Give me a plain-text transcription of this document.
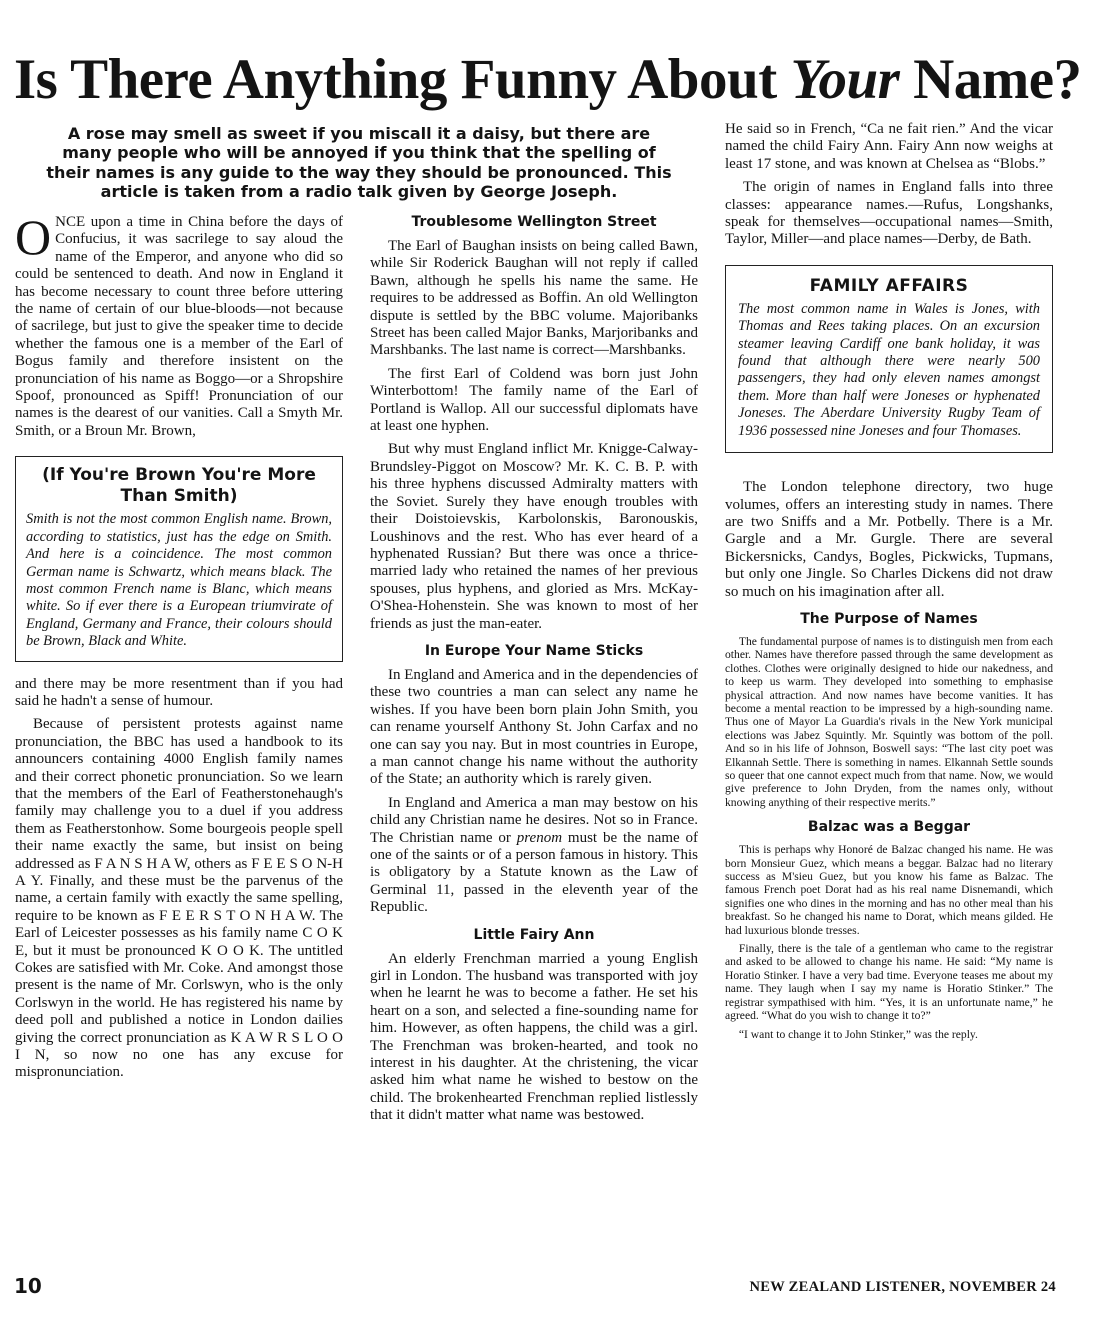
Is There Anything Funny About Your Name?

A rose may smell as sweet if you miscall it a daisy, but there are many people who will be annoyed if you think that the spelling of their names is any guide to the way they should be pronounced. This article is taken from a radio talk given by George Joseph.

ONCE upon a time in China before the days of Confucius, it was sacrilege to say aloud the name of the Emperor, and anyone who did so could be sentenced to death. And now in England it has become necessary to count three before uttering the name of certain of our blue-bloods—not because of sacrilege, but just to give the speaker time to decide whether the famous one is a member of the Earl of Bogus family and therefore insistent on the pronunciation of his name as Boggo—or a Shropshire Spoof, pronounced as Spiff! Pronunciation of our names is the dearest of our vanities. Call a Smyth Mr. Smith, or a Broun Mr. Brown,

(If You're Brown You're More Than Smith)

Smith is not the most common English name. Brown, according to statistics, just has the edge on Smith. And here is a coincidence. The most common German name is Schwartz, which means black. The most common French name is Blanc, which means white. So if ever there is a European triumvirate of England, Germany and France, their colours should be Brown, Black and White.

and there may be more resentment than if you had said he hadn't a sense of humour.

Because of persistent protests against name pronunciation, the BBC has used a handbook to its announcers containing 4000 English family names and their correct phonetic pronunciation. So we learn that the members of the Earl of Featherstonehaugh's family may challenge you to a duel if you address them as Featherstonhow. Some bourgeois people spell their name exactly the same, but insist on being addressed as F A N S H A W, others as F E E S O N-H A Y. Finally, and these must be the parvenus of the name, a certain family with exactly the same spelling, require to be known as F E E R S T O N H A W. The Earl of Leicester possesses as his family name C O K E, but it must be pronounced K O O K. The untitled Cokes are satisfied with Mr. Coke. And amongst those present is the name of Mr. Corlswyn, who is the only Corlswyn in the world. He has registered his name by deed poll and published a notice in London dailies giving the correct pronunciation as K A W R S L O O I N, so now no one has any excuse for mispronunciation.

Troublesome Wellington Street

The Earl of Baughan insists on being called Bawn, while Sir Roderick Baughan will not reply if called Bawn, although he spells his name the same. He requires to be addressed as Boffin. An old Wellington dispute is settled by the BBC volume. Majoribanks Street has been called Major Banks, Marjoribanks and Marshbanks. The last name is correct—Marshbanks.

The first Earl of Coldend was born just John Winterbottom! The family name of the Earl of Portland is Wallop. All our successful diplomats have at least one hyphen.

But why must England inflict Mr. Knigge-Calway-Brundsley-Piggot on Moscow? Mr. K. C. B. P. with his three hyphens discussed Admiralty matters with the Soviet. Surely they have enough troubles with their Doistoievskis, Karbolonskis, Baronouskis, Loushinovs and the rest. Who has ever heard of a hyphenated Russian? But there was once a thrice-married lady who retained the names of her previous spouses, plus hyphens, and gloried as Mrs. McKay-O'Shea-Hohenstein. She was known to most of her friends as just the man-eater.

In Europe Your Name Sticks

In England and America and in the dependencies of these two countries a man can select any name he wishes. If you have been born plain John Smith, you can rename yourself Anthony St. John Carfax and no one can say you nay. But in most countries in Europe, a man cannot change his name without the authority of the State; an authority which is rarely given.

In England and America a man may bestow on his child any Christian name he desires. Not so in France. The Christian name or prenom must be the name of one of the saints or of a person famous in history. This is obligatory by a Statute known as the Law of Germinal 11, passed in the eleventh year of the Republic.

Little Fairy Ann

An elderly Frenchman married a young English girl in London. The husband was transported with joy when he learnt he was to become a father. He set his heart on a son, and selected a fine-sounding name for him. However, as often happens, the child was a girl. The Frenchman was broken-hearted, and took no interest in his daughter. At the christening, the vicar asked him what name he wished to bestow on the child. The brokenhearted Frenchman replied listlessly that it didn't matter what name was bestowed.

He said so in French, “Ca ne fait rien.” And the vicar named the child Fairy Ann. Fairy Ann now weighs at least 17 stone, and was known at Chelsea as “Blobs.”

The origin of names in England falls into three classes: appearance names.—Rufus, Longshanks, speak for themselves—occupational names—Smith, Taylor, Miller—and place names—Derby, de Bath.

FAMILY AFFAIRS

The most common name in Wales is Jones, with Thomas and Rees taking places. On an excursion steamer leaving Cardiff one bank holiday, it was found that although there were nearly 500 passengers, they had only eleven names amongst them. More than half were Joneses or hyphenated Joneses. The Aberdare University Rugby Team of 1936 possessed nine Joneses and four Thomases.

The London telephone directory, two huge volumes, offers an interesting study in names. There are two Sniffs and a Mr. Potbelly. There is a Mr. Gargle and a Mr. Gurgle. There are several Bickersnicks, Candys, Bogles, Pickwicks, Tupmans, but only one Jingle. So Charles Dickens did not draw so much on his imagination after all.

The Purpose of Names

The fundamental purpose of names is to distinguish men from each other. Names have therefore passed through the same development as clothes. Clothes were originally designed to hide our nakedness, and to keep us warm. They developed into something to emphasise physical attraction. And now names have become vanities. It has become a mental reaction to be impressed by a high-sounding name. Thus one of Mayor La Guardia's rivals in the New York municipal elections was Jabez Squintly. Mr. Squintly was bottom of the poll. And so in his life of Johnson, Boswell says: “The last city poet was Elkannah Settle. There is something in names. Elkannah Settle sounds so queer that one cannot expect much from that name. Now, we would give preference to John Dryden, from the names only, without knowing anything of their respective merits.”

Balzac was a Beggar

This is perhaps why Honoré de Balzac changed his name. He was born Monsieur Guez, which means a beggar. Balzac had no literary success as M'sieu Guez, but you know his fame as Balzac. The famous French poet Dorat had as his real name Disnemandi, which signifies one who dines in the morning and has no other meal than his breakfast. So he changed his name to Dorat, which means gilded. He had luxurious blonde tresses.

Finally, there is the tale of a gentleman who came to the registrar and asked to be allowed to change his name. He said: “My name is Horatio Stinker. I have a very bad time. Everyone teases me about my name. They laugh when I say my name is Horatio Stinker.” The registrar sympathised with him. “Yes, it is an unfortunate name,” he agreed. “What do you wish to change it to?”

“I want to change it to John Stinker,” was the reply.

10	NEW ZEALAND LISTENER, NOVEMBER 24
